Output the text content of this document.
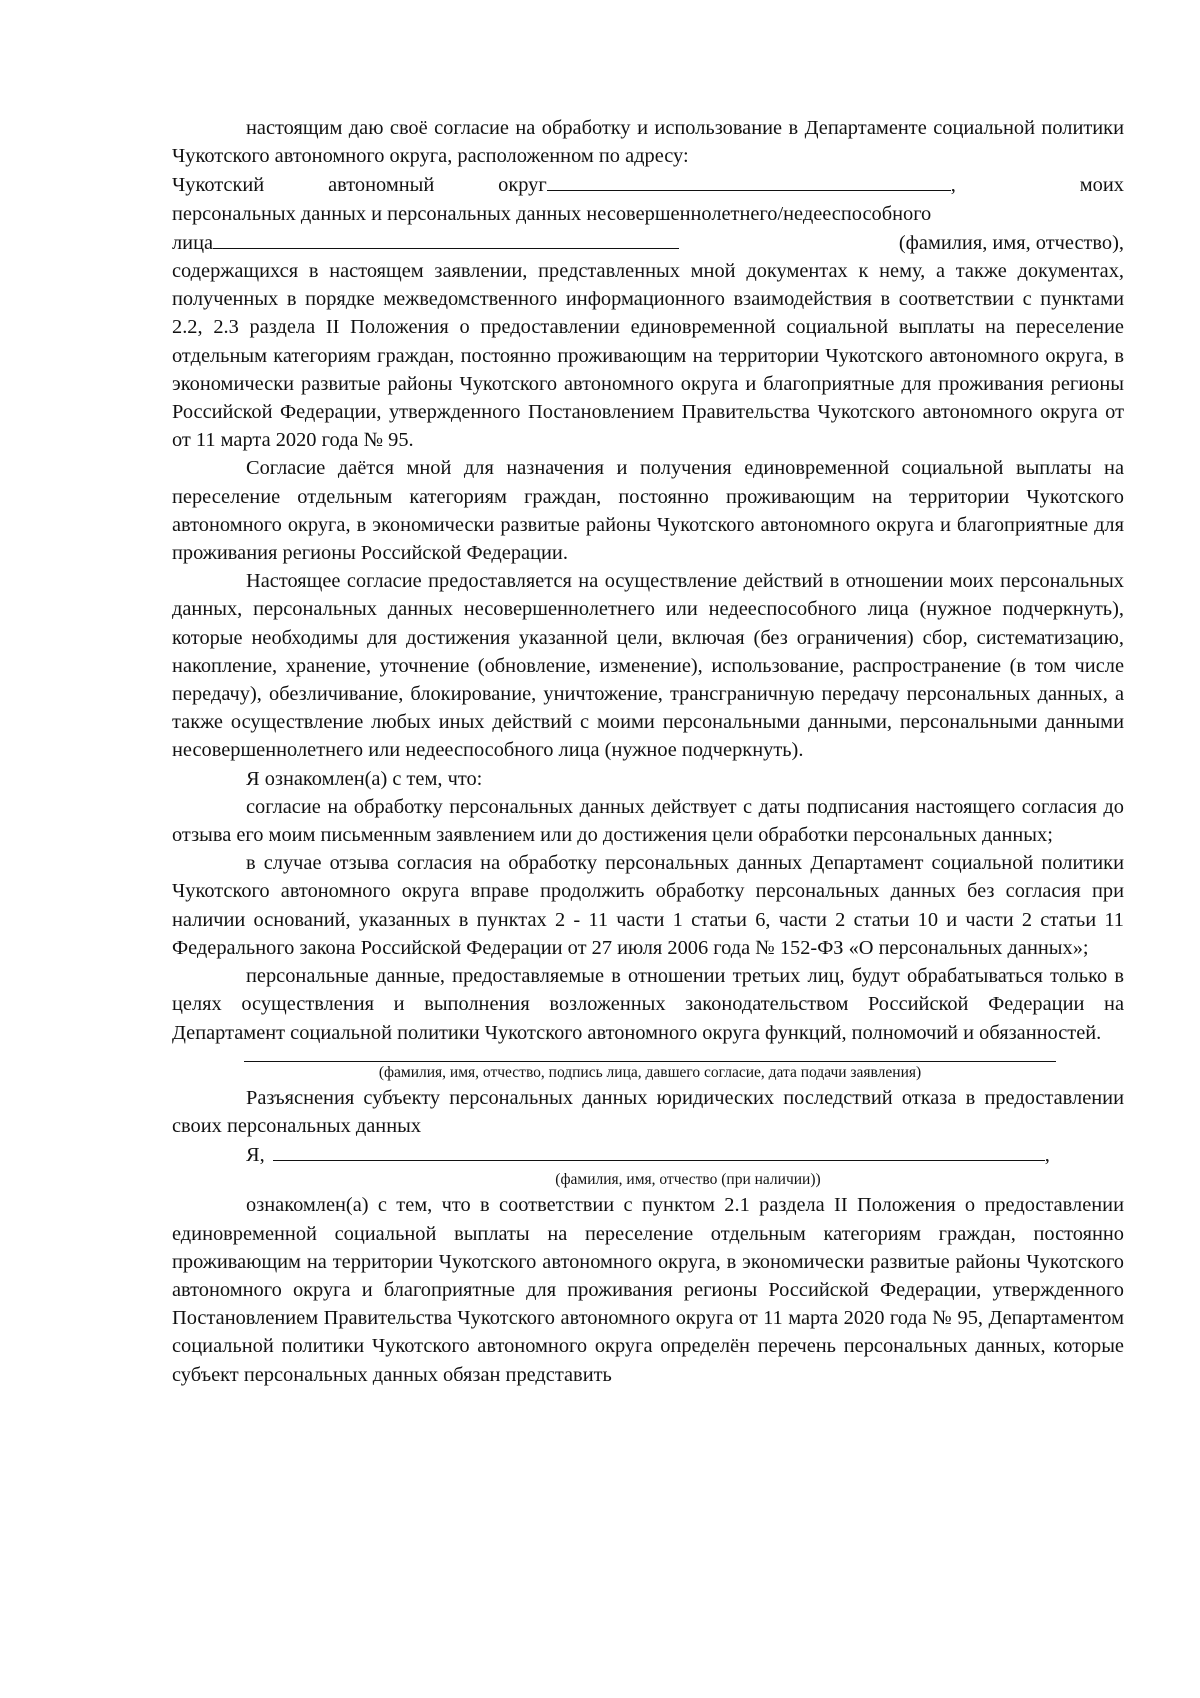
настоящим даю своё согласие на обработку и использование в Департаменте социальной политики Чукотского автономного округа, расположенном по адресу:

Чукотский	автономный	округ	,	моих

персональных данных и персональных данных несовершеннолетнего/недееспособного

лица	(фамилия, имя, отчество),

содержащихся в настоящем заявлении, представленных мной документах к нему, а также документах, полученных в порядке межведомственного информационного взаимодействия в соответствии с пунктами 2.2, 2.3 раздела II Положения о предоставлении единовременной социальной выплаты на переселение отдельным категориям граждан, постоянно проживающим на территории Чукотского автономного округа, в экономически развитые районы Чукотского автономного округа и благоприятные для проживания регионы Российской Федерации, утвержденного Постановлением Правительства Чукотского автономного округа от от 11 марта 2020 года № 95.

Согласие даётся мной для назначения и получения единовременной социальной выплаты на переселение отдельным категориям граждан, постоянно проживающим на территории Чукотского автономного округа, в экономически развитые районы Чукотского автономного округа и благоприятные для проживания регионы Российской Федерации.

Настоящее согласие предоставляется на осуществление действий в отношении моих персональных данных, персональных данных несовершеннолетнего или недееспособного лица (нужное подчеркнуть), которые необходимы для достижения указанной цели, включая (без ограничения) сбор, систематизацию, накопление, хранение, уточнение (обновление, изменение), использование, распространение (в том числе передачу), обезличивание, блокирование, уничтожение, трансграничную передачу персональных данных, а также осуществление любых иных действий с моими персональными данными, персональными данными несовершеннолетнего или недееспособного лица (нужное подчеркнуть).

Я ознакомлен(а) с тем, что:

согласие на обработку персональных данных действует с даты подписания настоящего согласия до отзыва его моим письменным заявлением или до достижения цели обработки персональных данных;

в случае отзыва согласия на обработку персональных данных Департамент социальной политики Чукотского автономного округа вправе продолжить обработку персональных данных без согласия при наличии оснований, указанных в пунктах 2 - 11 части 1 статьи 6, части 2 статьи 10 и части 2 статьи 11 Федерального закона Российской Федерации от 27 июля 2006 года № 152-ФЗ «О персональных данных»;

персональные данные, предоставляемые в отношении третьих лиц, будут обрабатываться только в целях осуществления и выполнения возложенных законодательством Российской Федерации на Департамент социальной политики Чукотского автономного округа функций, полномочий и обязанностей.

(фамилия, имя, отчество, подпись лица, давшего согласие, дата подачи заявления)

Разъяснения субъекту персональных данных юридических последствий отказа в предоставлении своих персональных данных

Я,	,

(фамилия, имя, отчество (при наличии))

ознакомлен(а) с тем, что в соответствии с пунктом 2.1 раздела II Положения о предоставлении единовременной социальной выплаты на переселение отдельным категориям граждан, постоянно проживающим на территории Чукотского автономного округа, в экономически развитые районы Чукотского автономного округа и благоприятные для проживания регионы Российской Федерации, утвержденного Постановлением Правительства Чукотского автономного округа от 11 марта 2020 года № 95, Департаментом социальной политики Чукотского автономного округа определён перечень персональных данных, которые субъект персональных данных обязан представить
